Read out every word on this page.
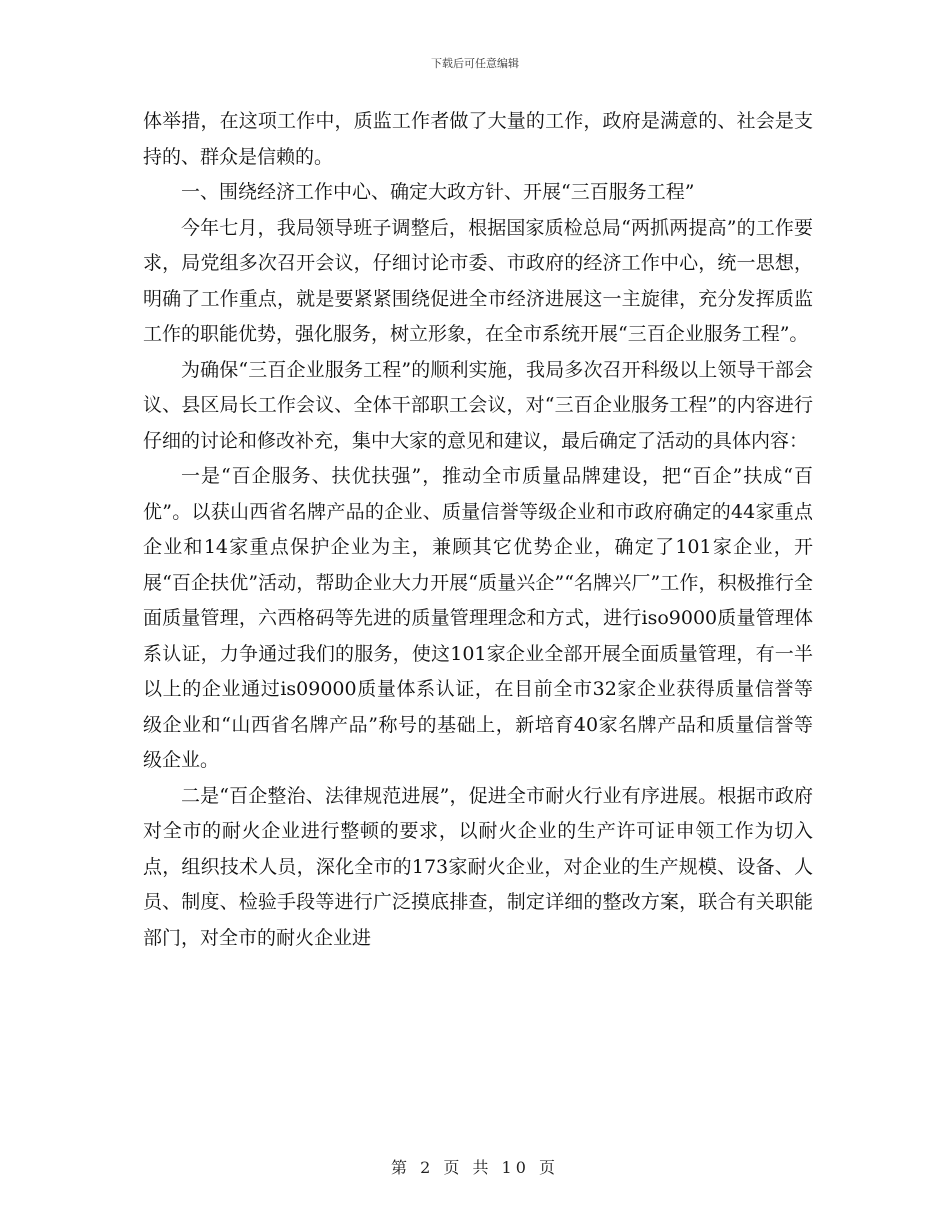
下载后可任意编辑

体举措，在这项工作中，质监工作者做了大量的工作，政府是满意的、社会是支持的、群众是信赖的。

一、围绕经济工作中心、确定大政方针、开展“三百服务工程”

今年七月，我局领导班子调整后，根据国家质检总局“两抓两提高”的工作要求，局党组多次召开会议，仔细讨论市委、市政府的经济工作中心，统一思想，明确了工作重点，就是要紧紧围绕促进全市经济进展这一主旋律，充分发挥质监工作的职能优势，强化服务，树立形象，在全市系统开展“三百企业服务工程”。

为确保“三百企业服务工程”的顺利实施，我局多次召开科级以上领导干部会议、县区局长工作会议、全体干部职工会议，对“三百企业服务工程”的内容进行仔细的讨论和修改补充，集中大家的意见和建议，最后确定了活动的具体内容：

一是“百企服务、扶优扶强”，推动全市质量品牌建设，把“百企”扶成“百优”。以获山西省名牌产品的企业、质量信誉等级企业和市政府确定的44家重点企业和14家重点保护企业为主，兼顾其它优势企业，确定了101家企业，开展“百企扶优”活动，帮助企业大力开展“质量兴企”“名牌兴厂”工作，积极推行全面质量管理，六西格码等先进的质量管理理念和方式，进行iso9000质量管理体系认证，力争通过我们的服务，使这101家企业全部开展全面质量管理，有一半以上的企业通过is09000质量体系认证，在目前全市32家企业获得质量信誉等级企业和“山西省名牌产品”称号的基础上，新培育40家名牌产品和质量信誉等级企业。

二是“百企整治、法律规范进展”，促进全市耐火行业有序进展。根据市政府对全市的耐火企业进行整顿的要求，以耐火企业的生产许可证申领工作为切入点，组织技术人员，深化全市的173家耐火企业，对企业的生产规模、设备、人员、制度、检验手段等进行广泛摸底排查，制定详细的整改方案，联合有关职能部门，对全市的耐火企业进

第 2 页 共 10 页
